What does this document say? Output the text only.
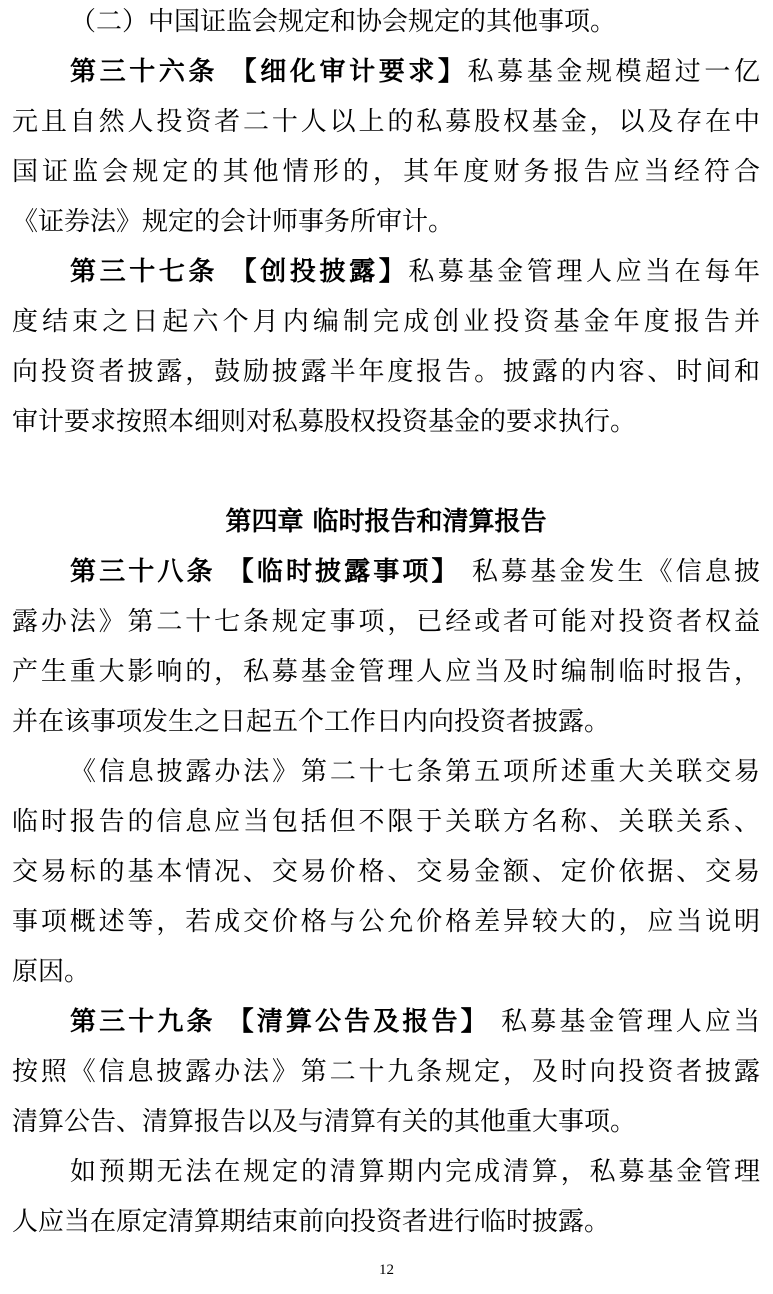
（二）中国证监会规定和协会规定的其他事项。
第三十六条 【细化审计要求】私募基金规模超过一亿
元且自然人投资者二十人以上的私募股权基金，以及存在中
国证监会规定的其他情形的，其年度财务报告应当经符合
《证券法》规定的会计师事务所审计。
第三十七条 【创投披露】私募基金管理人应当在每年
度结束之日起六个月内编制完成创业投资基金年度报告并
向投资者披露，鼓励披露半年度报告。披露的内容、时间和
审计要求按照本细则对私募股权投资基金的要求执行。
第四章 临时报告和清算报告
第三十八条 【临时披露事项】 私募基金发生《信息披
露办法》第二十七条规定事项，已经或者可能对投资者权益
产生重大影响的，私募基金管理人应当及时编制临时报告，
并在该事项发生之日起五个工作日内向投资者披露。
《信息披露办法》第二十七条第五项所述重大关联交易
临时报告的信息应当包括但不限于关联方名称、关联关系、
交易标的基本情况、交易价格、交易金额、定价依据、交易
事项概述等，若成交价格与公允价格差异较大的，应当说明
原因。
第三十九条 【清算公告及报告】 私募基金管理人应当
按照《信息披露办法》第二十九条规定，及时向投资者披露
清算公告、清算报告以及与清算有关的其他重大事项。
如预期无法在规定的清算期内完成清算，私募基金管理
人应当在原定清算期结束前向投资者进行临时披露。
12
